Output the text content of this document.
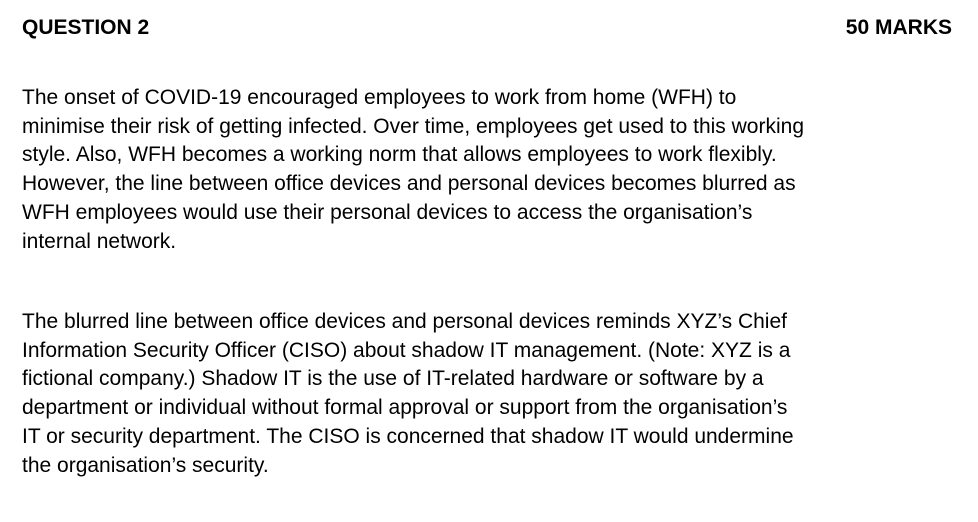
QUESTION 2	50 MARKS

The onset of COVID-19 encouraged employees to work from home (WFH) to
minimise their risk of getting infected. Over time, employees get used to this working
style. Also, WFH becomes a working norm that allows employees to work flexibly.
However, the line between office devices and personal devices becomes blurred as
WFH employees would use their personal devices to access the organisation’s
internal network.

The blurred line between office devices and personal devices reminds XYZ’s Chief
Information Security Officer (CISO) about shadow IT management. (Note: XYZ is a
fictional company.) Shadow IT is the use of IT-related hardware or software by a
department or individual without formal approval or support from the organisation’s
IT or security department. The CISO is concerned that shadow IT would undermine
the organisation’s security.
